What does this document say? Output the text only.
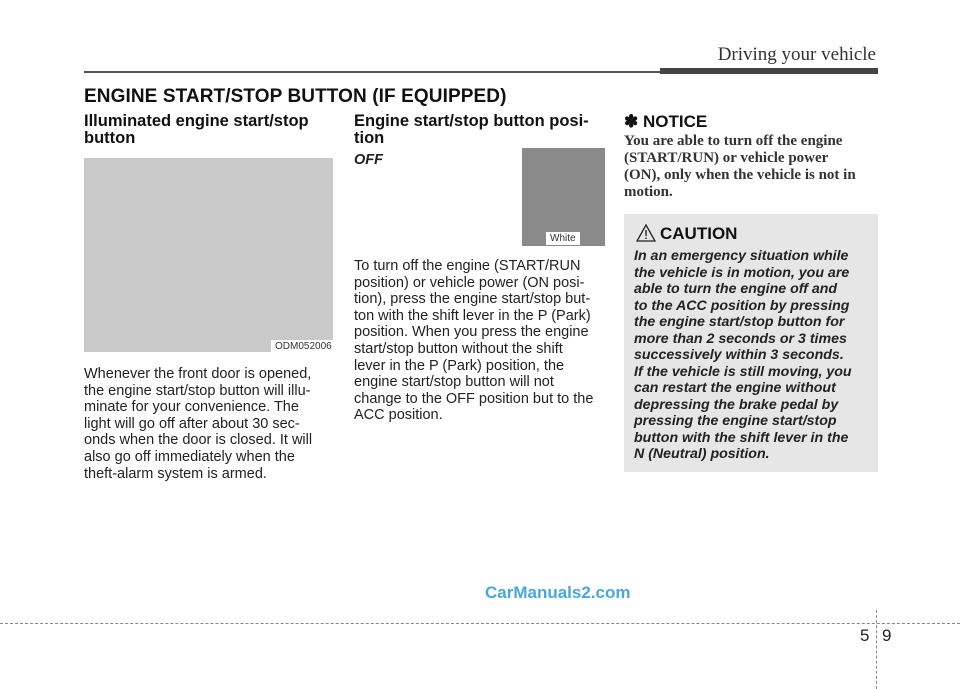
Driving your vehicle
ENGINE START/STOP BUTTON (IF EQUIPPED)
Illuminated engine start/stop
button
ODM052006
Whenever the front door is opened,
the engine start/stop button will illu-
minate for your convenience. The
light will go off after about 30 sec-
onds when the door is closed. It will
also go off immediately when the
theft-alarm system is armed.
Engine start/stop button posi-
tion
OFF
White
To turn off the engine (START/RUN
position) or vehicle power (ON posi-
tion), press the engine start/stop but-
ton with the shift lever in the P (Park)
position. When you press the engine
start/stop button without the shift
lever in the P (Park) position, the
engine start/stop button will not
change to the OFF position but to the
ACC position.
✽ NOTICE
You are able to turn off the engine
(START/RUN) or vehicle power
(ON), only when the vehicle is not in
motion.
CAUTION
In an emergency situation while
the vehicle is in motion, you are
able to turn the engine off and
to the ACC position by pressing
the engine start/stop button for
more than 2 seconds or 3 times
successively within 3 seconds.
If the vehicle is still moving, you
can restart the engine without
depressing the brake pedal by
pressing the engine start/stop
button with the shift lever in the
N (Neutral) position.
CarManuals2.com
5 9
